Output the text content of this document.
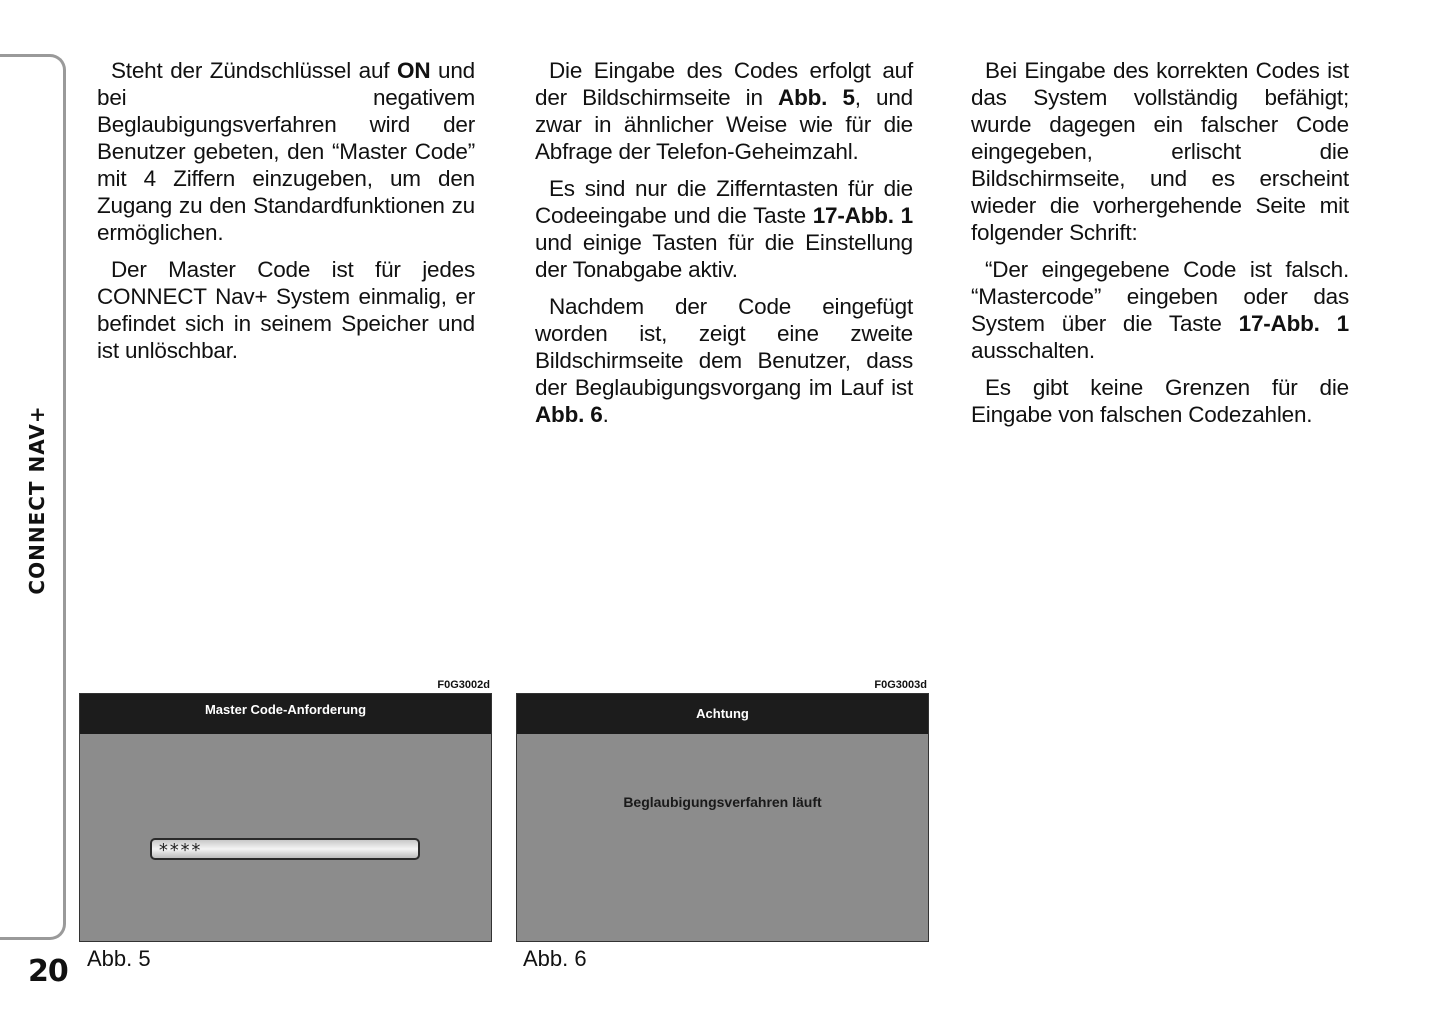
CONNECT NAV+
20

Steht der Zündschlüssel auf ON und bei negativem Beglaubigungsverfahren wird der Benutzer gebeten, den “Master Code” mit 4 Ziffern einzugeben, um den Zugang zu den Standardfunktionen zu ermöglichen.

Der Master Code ist für jedes CONNECT Nav+ System einmalig, er befindet sich in seinem Speicher und ist unlöschbar.

Die Eingabe des Codes erfolgt auf der Bildschirmseite in Abb. 5, und zwar in ähnlicher Weise wie für die Abfrage der Telefon-Geheimzahl.

Es sind nur die Zifferntasten für die Codeeingabe und die Taste 17-Abb. 1 und einige Tasten für die Einstellung der Tonabgabe aktiv.

Nachdem der Code eingefügt worden ist, zeigt eine zweite Bildschirmseite dem Benutzer, dass der Beglaubigungsvorgang im Lauf ist Abb. 6.

Bei Eingabe des korrekten Codes ist das System vollständig befähigt; wurde dagegen ein falscher Code eingegeben, erlischt die Bildschirmseite, und es erscheint wieder die vorhergehende Seite mit folgender Schrift:

“Der eingegebene Code ist falsch. “Mastercode” eingeben oder das System über die Taste 17-Abb. 1 ausschalten.

Es gibt keine Grenzen für die Eingabe von falschen Codezahlen.

F0G3002d
Master Code-Anforderung
****
Abb. 5
F0G3003d
Achtung
Beglaubigungsverfahren läuft
Abb. 6
